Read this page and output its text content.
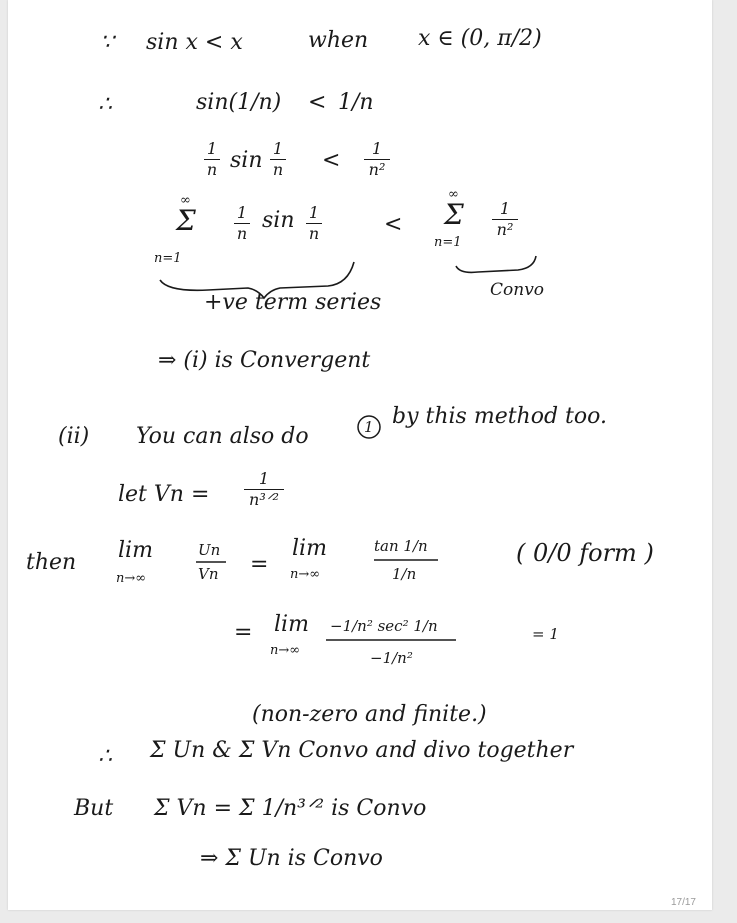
∵ sin x < x	when x ∈ (0, π/2)
∴	sin(1/n) < 1/n
1
n sin 1
n <	1
n²
∞
Σ
n=1
1
n
sin 1
n	<
∞
Σ
n=1
1
n²
+ve term series	Convo
⇒ (i) is Convergent
(ii) You can also do	1 by this method too.
let Vn =
1
n³ᐟ²
then lim
n→∞
Un
Vn =
lim
n→∞
tan 1/n
1/n
( 0/0 form )
= lim
n→∞
−1/n² sec² 1/n
−1/n²
= 1
(non-zero and finite.)
∴ Σ Un & Σ Vn Convo and divo together
But Σ Vn = Σ 1/n³ᐟ² is Convo
⇒ Σ Un is Convo
17/17
